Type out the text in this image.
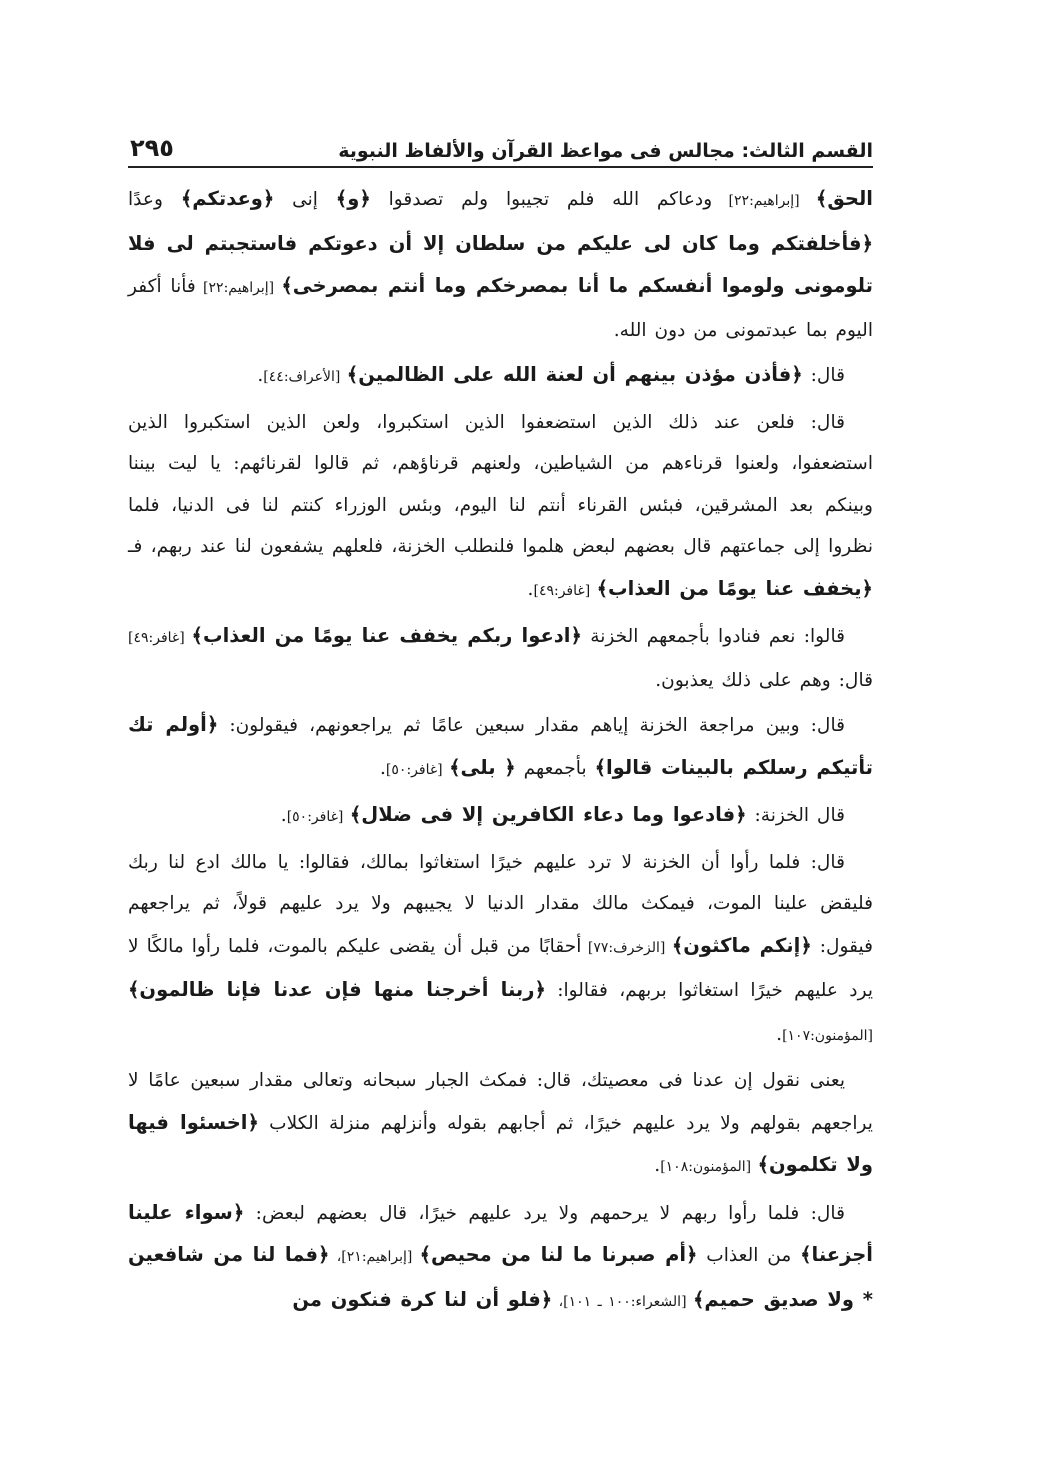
القسم الثالث: مجالس فى مواعظ القرآن والألفاظ النبوية
٢٩٥

الحق﴾ [إبراهيم:٢٢] ودعاكم الله فلم تجيبوا ولم تصدقوا ﴿و﴾ إنى ﴿وعدتكم﴾ وعدًا ﴿فأخلفتكم وما كان لى عليكم من سلطان إلا أن دعوتكم فاستجبتم لى فلا تلومونى ولوموا أنفسكم ما أنا بمصرخكم وما أنتم بمصرخى﴾ [إبراهيم:٢٢] فأنا أكفر اليوم بما عبدتمونى من دون الله.

قال: ﴿فأذن مؤذن بينهم أن لعنة الله على الظالمين﴾ [الأعراف:٤٤].

قال: فلعن عند ذلك الذين استضعفوا الذين استكبروا، ولعن الذين استكبروا الذين استضعفوا، ولعنوا قرناءهم من الشياطين، ولعنهم قرناؤهم، ثم قالوا لقرنائهم: يا ليت بيننا وبينكم بعد المشرقين، فبئس القرناء أنتم لنا اليوم، وبئس الوزراء كنتم لنا فى الدنيا، فلما نظروا إلى جماعتهم قال بعضهم لبعض هلموا فلنطلب الخزنة، فلعلهم يشفعون لنا عند ربهم، فـ ﴿يخفف عنا يومًا من العذاب﴾ [غافر:٤٩].

قالوا: نعم فنادوا بأجمعهم الخزنة ﴿ادعوا ربكم يخفف عنا يومًا من العذاب﴾ [غافر:٤٩] قال: وهم على ذلك يعذبون.

قال: وبين مراجعة الخزنة إياهم مقدار سبعين عامًا ثم يراجعونهم، فيقولون: ﴿أولم تك تأتيكم رسلكم بالبينات قالوا﴾ بأجمعهم ﴿ بلى﴾ [غافر:٥٠].

قال الخزنة: ﴿فادعوا وما دعاء الكافرين إلا فى ضلال﴾ [غافر:٥٠].

قال: فلما رأوا أن الخزنة لا ترد عليهم خيرًا استغاثوا بمالك، فقالوا: يا مالك ادع لنا ربك فليقض علينا الموت، فيمكث مالك مقدار الدنيا لا يجيبهم ولا يرد عليهم قولاً، ثم يراجعهم فيقول: ﴿إنكم ماكثون﴾ [الزخرف:٧٧] أحقابًا من قبل أن يقضى عليكم بالموت، فلما رأوا مالكًا لا يرد عليهم خيرًا استغاثوا بربهم، فقالوا: ﴿ربنا أخرجنا منها فإن عدنا فإنا ظالمون﴾ [المؤمنون:١٠٧].

يعنى نقول إن عدنا فى معصيتك، قال: فمكث الجبار سبحانه وتعالى مقدار سبعين عامًا لا يراجعهم بقولهم ولا يرد عليهم خيرًا، ثم أجابهم بقوله وأنزلهم منزلة الكلاب ﴿اخسئوا فيها ولا تكلمون﴾ [المؤمنون:١٠٨].

قال: فلما رأوا ربهم لا يرحمهم ولا يرد عليهم خيرًا، قال بعضهم لبعض: ﴿سواء علينا أجزعنا﴾ من العذاب ﴿أم صبرنا ما لنا من محيص﴾ [إبراهيم:٢١]، ﴿فما لنا من شافعين * ولا صديق حميم﴾ [الشعراء:١٠٠ ـ ١٠١]، ﴿فلو أن لنا كرة فنكون من
